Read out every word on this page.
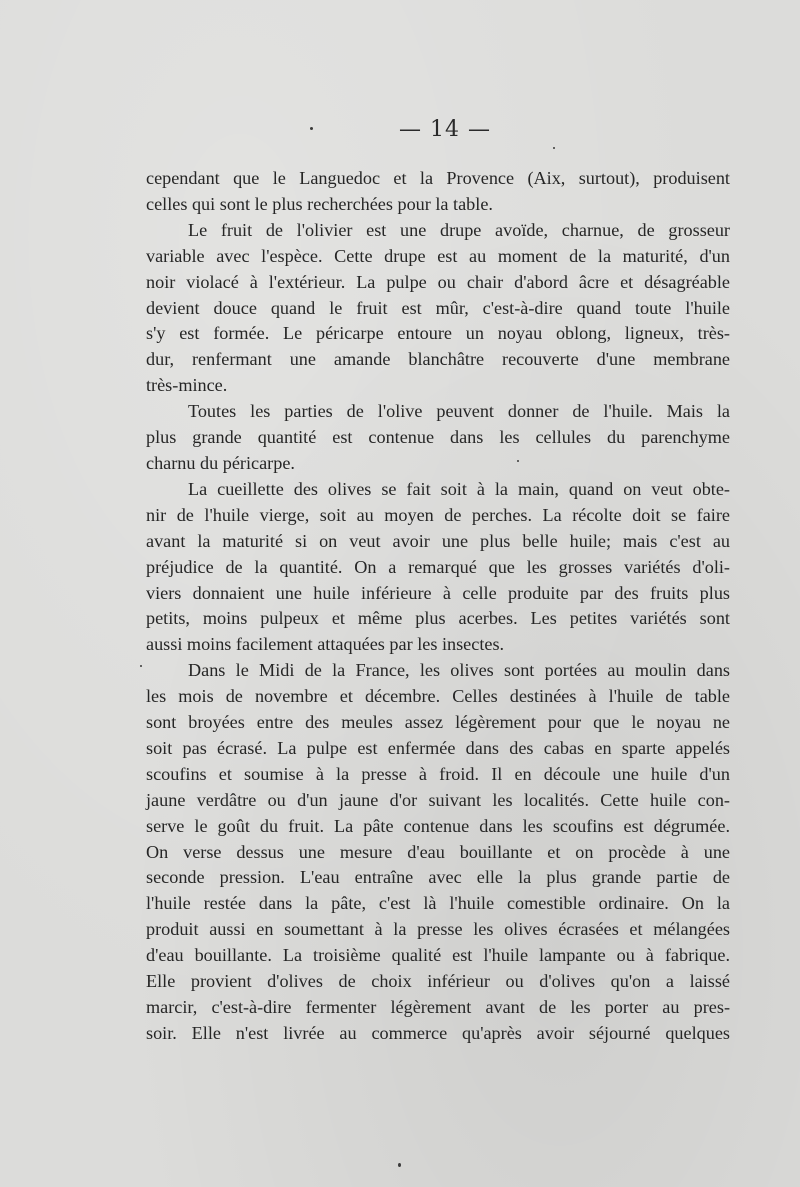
— 14 —
cependant que le Languedoc et la Provence (Aix, surtout), produisent
celles qui sont le plus recherchées pour la table.
Le fruit de l'olivier est une drupe avoïde, charnue, de grosseur
variable avec l'espèce. Cette drupe est au moment de la maturité, d'un
noir violacé à l'extérieur. La pulpe ou chair d'abord âcre et désagréable
devient douce quand le fruit est mûr, c'est-à-dire quand toute l'huile
s'y est formée. Le péricarpe entoure un noyau oblong, ligneux, très-
dur, renfermant une amande blanchâtre recouverte d'une membrane
très-mince.
Toutes les parties de l'olive peuvent donner de l'huile. Mais la
plus grande quantité est contenue dans les cellules du parenchyme
charnu du péricarpe.
La cueillette des olives se fait soit à la main, quand on veut obte-
nir de l'huile vierge, soit au moyen de perches. La récolte doit se faire
avant la maturité si on veut avoir une plus belle huile; mais c'est au
préjudice de la quantité. On a remarqué que les grosses variétés d'oli-
viers donnaient une huile inférieure à celle produite par des fruits plus
petits, moins pulpeux et même plus acerbes. Les petites variétés sont
aussi moins facilement attaquées par les insectes.
Dans le Midi de la France, les olives sont portées au moulin dans
les mois de novembre et décembre. Celles destinées à l'huile de table
sont broyées entre des meules assez légèrement pour que le noyau ne
soit pas écrasé. La pulpe est enfermée dans des cabas en sparte appelés
scoufins et soumise à la presse à froid. Il en découle une huile d'un
jaune verdâtre ou d'un jaune d'or suivant les localités. Cette huile con-
serve le goût du fruit. La pâte contenue dans les scoufins est dégrumée.
On verse dessus une mesure d'eau bouillante et on procède à une
seconde pression. L'eau entraîne avec elle la plus grande partie de
l'huile restée dans la pâte, c'est là l'huile comestible ordinaire. On la
produit aussi en soumettant à la presse les olives écrasées et mélangées
d'eau bouillante. La troisième qualité est l'huile lampante ou à fabrique.
Elle provient d'olives de choix inférieur ou d'olives qu'on a laissé
marcir, c'est-à-dire fermenter légèrement avant de les porter au pres-
soir. Elle n'est livrée au commerce qu'après avoir séjourné quelques
